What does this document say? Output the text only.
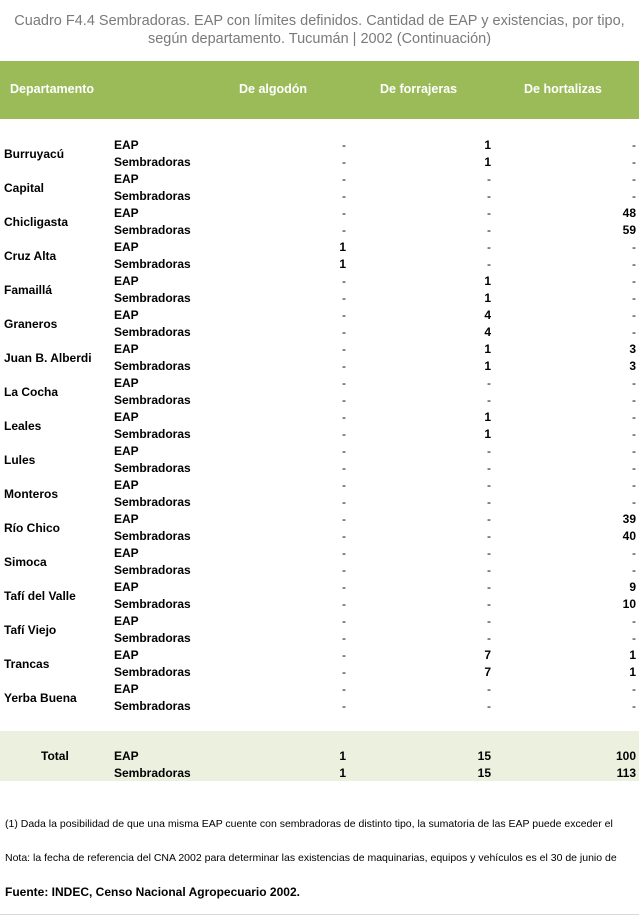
Cuadro F4.4 Sembradoras. EAP con límites definidos. Cantidad de EAP y existencias, por tipo, según departamento. Tucumán | 2002 (Continuación)
Departamento	De algodón	De forrajeras	De hortalizas
Burruyacú
EAP	-	1	-
Sembradoras	-	1	-
Capital
EAP	-	-	-
Sembradoras	-	-	-
Chicligasta
EAP	-	-	48
Sembradoras	-	-	59
Cruz Alta
EAP	1	-	-
Sembradoras	1	-	-
Famaillá
EAP	-	1	-
Sembradoras	-	1	-
Graneros
EAP	-	4	-
Sembradoras	-	4	-
Juan B. Alberdi
EAP	-	1	3
Sembradoras	-	1	3
La Cocha
EAP	-	-	-
Sembradoras	-	-	-
Leales
EAP	-	1	-
Sembradoras	-	1	-
Lules
EAP	-	-	-
Sembradoras	-	-	-
Monteros
EAP	-	-	-
Sembradoras	-	-	-
Río Chico
EAP	-	-	39
Sembradoras	-	-	40
Simoca
EAP	-	-	-
Sembradoras	-	-	-
Tafí del Valle
EAP	-	-	9
Sembradoras	-	-	10
Tafí Viejo
EAP	-	-	-
Sembradoras	-	-	-
Trancas
EAP	-	7	1
Sembradoras	-	7	1
Yerba Buena
EAP	-	-	-
Sembradoras	-	-	-
Total	EAP	1	15	100
Sembradoras	1	15	113
(1) Dada la posibilidad de que una misma EAP cuente con sembradoras de distinto tipo, la sumatoria de las EAP puede exceder el
Nota: la fecha de referencia del CNA 2002 para determinar las existencias de maquinarias, equipos y vehículos es el 30 de junio de
Fuente: INDEC, Censo Nacional Agropecuario 2002.
